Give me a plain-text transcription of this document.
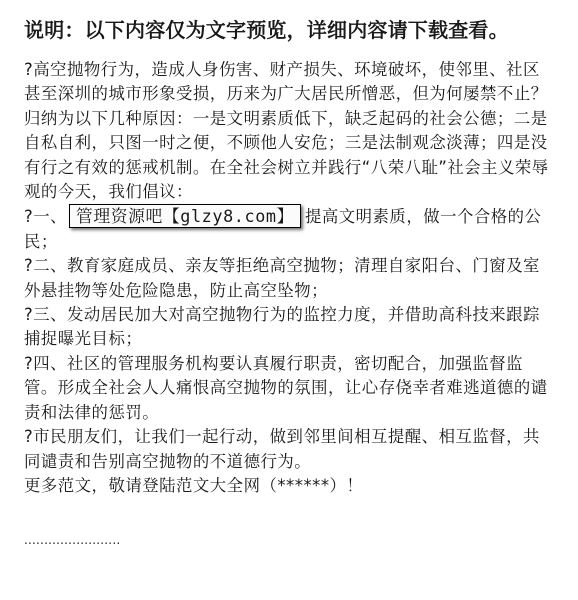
说明：以下内容仅为文字预览，详细内容请下载查看。

?高空抛物行为，造成人身伤害、财产损失、环境破坏，使邻里、社区甚至深圳的城市形象受损，历来为广大居民所憎恶，但为何屡禁不止？归纳为以下几种原因：一是文明素质低下，缺乏起码的社会公德；二是自私自利，只图一时之便，不顾他人安危；三是法制观念淡薄；四是没有行之有效的惩戒机制。在全社会树立并践行“八荣八耻”社会主义荣辱观的今天，我们倡议：

?一、 管理资源吧【glzy8.com】 提高文明素质，做一个合格的公民；

?二、教育家庭成员、亲友等拒绝高空抛物；清理自家阳台、门窗及室外悬挂物等处危险隐患，防止高空坠物；

?三、发动居民加大对高空抛物行为的监控力度，并借助高科技来跟踪捕捉曝光目标；

?四、社区的管理服务机构要认真履行职责，密切配合，加强监督监管。形成全社会人人痛恨高空抛物的氛围，让心存侥幸者难逃道德的谴责和法律的惩罚。

?市民朋友们，让我们一起行动，做到邻里间相互提醒、相互监督，共同谴责和告别高空抛物的不道德行为。

更多范文，敬请登陆范文大全网（******）！

........................
